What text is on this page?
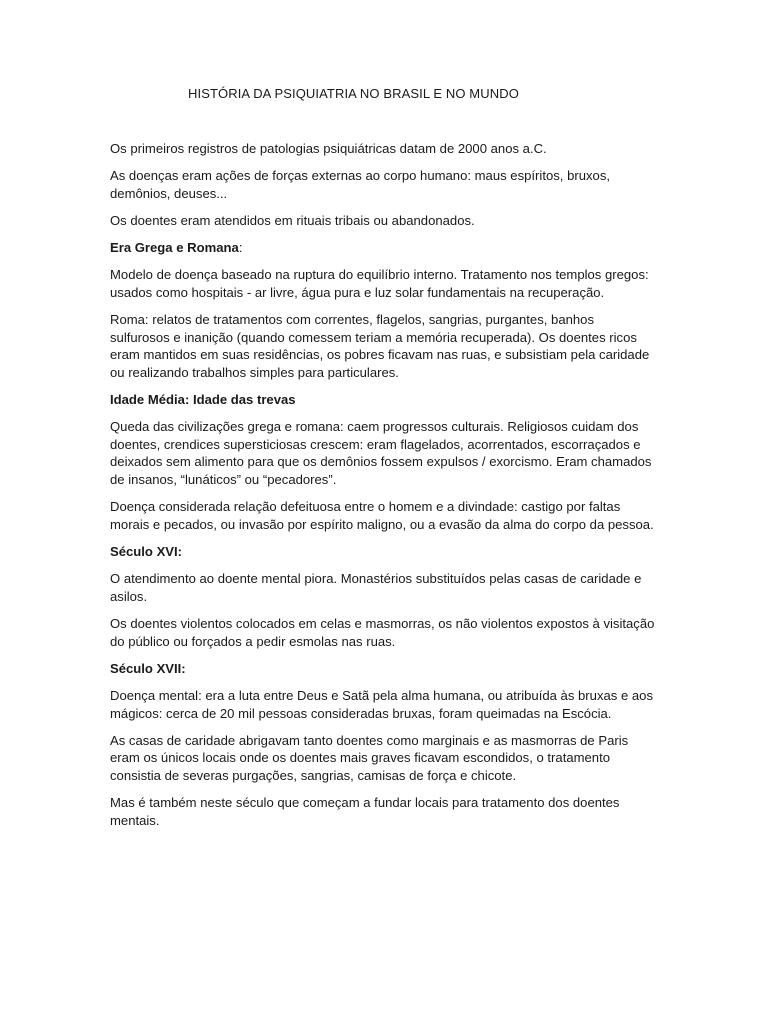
HISTÓRIA DA PSIQUIATRIA NO BRASIL E NO MUNDO

Os primeiros registros de patologias psiquiátricas datam de 2000 anos a.C.

As doenças eram ações de forças externas ao corpo humano: maus espíritos, bruxos, demônios, deuses...

Os doentes eram atendidos em rituais tribais ou abandonados.

Era Grega e Romana:

Modelo de doença baseado na ruptura do equilíbrio interno. Tratamento nos templos gregos: usados como hospitais - ar livre, água pura e luz solar fundamentais na recuperação.

Roma: relatos de tratamentos com correntes, flagelos, sangrias, purgantes, banhos sulfurosos e inanição (quando comessem teriam a memória recuperada). Os doentes ricos eram mantidos em suas residências, os pobres ficavam nas ruas, e subsistiam pela caridade ou realizando trabalhos simples para particulares.

Idade Média: Idade das trevas

Queda das civilizações grega e romana: caem progressos culturais. Religiosos cuidam dos doentes, crendices supersticiosas crescem: eram flagelados, acorrentados, escorraçados e deixados sem alimento para que os demônios fossem expulsos / exorcismo. Eram chamados de insanos, “lunáticos” ou “pecadores”.

Doença considerada relação defeituosa entre o homem e a divindade: castigo por faltas morais e pecados, ou invasão por espírito maligno, ou a evasão da alma do corpo da pessoa.

Século XVI:

O atendimento ao doente mental piora. Monastérios substituídos pelas casas de caridade e asilos.

Os doentes violentos colocados em celas e masmorras, os não violentos expostos à visitação do público ou forçados a pedir esmolas nas ruas.

Século XVII:

Doença mental: era a luta entre Deus e Satã pela alma humana, ou atribuída às bruxas e aos mágicos: cerca de 20 mil pessoas consideradas bruxas, foram queimadas na Escócia.

As casas de caridade abrigavam tanto doentes como marginais e as masmorras de Paris eram os únicos locais onde os doentes mais graves ficavam escondidos, o tratamento consistia de severas purgações, sangrias, camisas de força e chicote.

Mas é também neste século que começam a fundar locais para tratamento dos doentes mentais.
